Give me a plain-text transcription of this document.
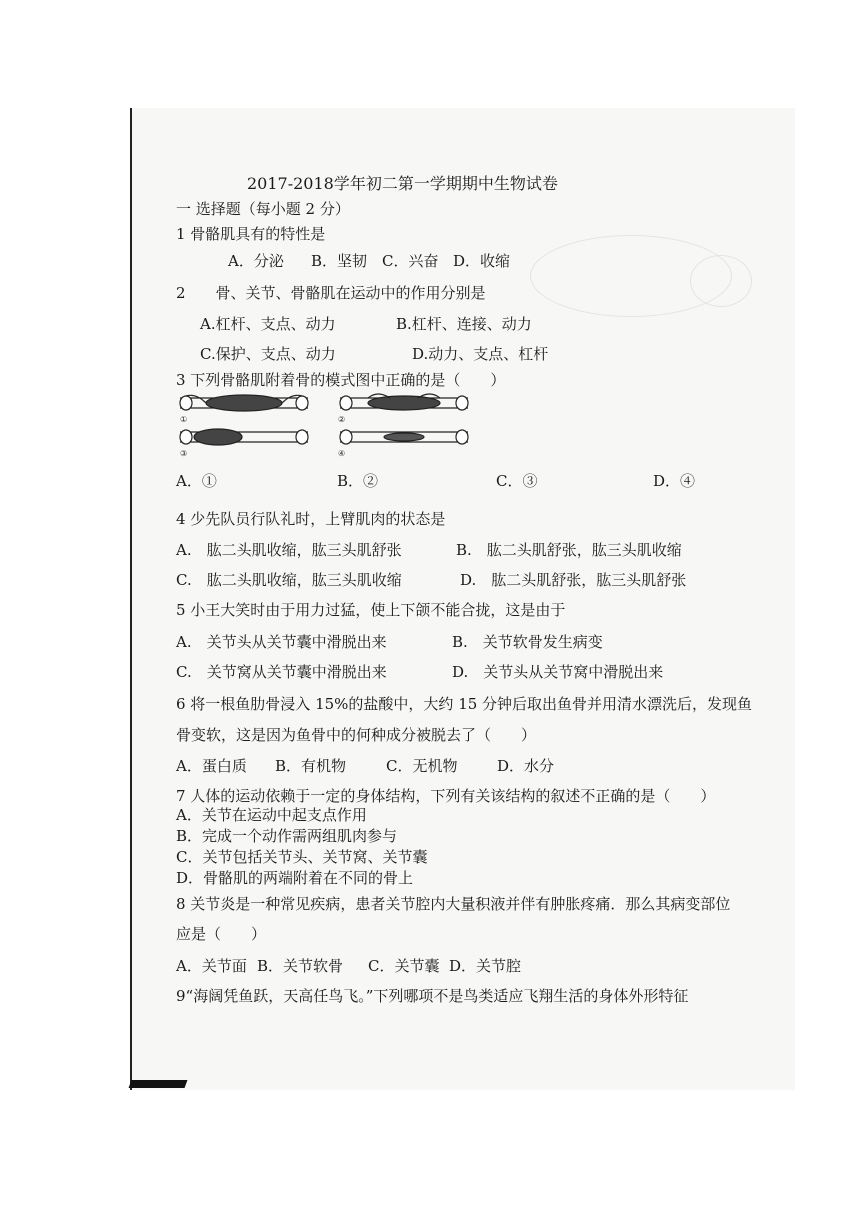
2017-2018学年初二第一学期期中生物试卷
一 选择题（每小题 2 分）
1 骨骼肌具有的特性是
A．分泌 B．坚韧 C．兴奋 D．收缩
2　　骨、关节、骨骼肌在运动中的作用分别是
A.杠杆、支点、动力	B.杠杆、连接、动力
C.保护、支点、动力	D.动力、支点、杠杆
3 下列骨骼肌附着骨的模式图中正确的是（　　）
①	②
③	④
A．①	B．②	C．③	D．④
4 少先队员行队礼时，上臂肌肉的状态是
A.　肱二头肌收缩，肱三头肌舒张	B.　肱二头肌舒张，肱三头肌收缩
C.　肱二头肌收缩，肱三头肌收缩	D.　肱二头肌舒张，肱三头肌舒张
5 小王大笑时由于用力过猛，使上下颌不能合拢，这是由于
A.　关节头从关节囊中滑脱出来	B.　关节软骨发生病变
C.　关节窝从关节囊中滑脱出来	D.　关节头从关节窝中滑脱出来
6 将一根鱼肋骨浸入 15%的盐酸中，大约 15 分钟后取出鱼骨并用清水漂洗后，发现鱼
骨变软，这是因为鱼骨中的何种成分被脱去了（　　）
A．蛋白质 B．有机物	C．无机物	D．水分
7 人体的运动依赖于一定的身体结构，下列有关该结构的叙述不正确的是（　　）
A．关节在运动中起支点作用
B．完成一个动作需两组肌肉参与
C．关节包括关节头、关节窝、关节囊
D．骨骼肌的两端附着在不同的骨上
8 关节炎是一种常见疾病，患者关节腔内大量积液并伴有肿胀疼痛．那么其病变部位
应是（　　）
A．关节面 B．关节软骨 C．关节囊 D．关节腔
9“海阔凭鱼跃，天高任鸟飞。”下列哪项不是鸟类适应飞翔生活的身体外形特征
